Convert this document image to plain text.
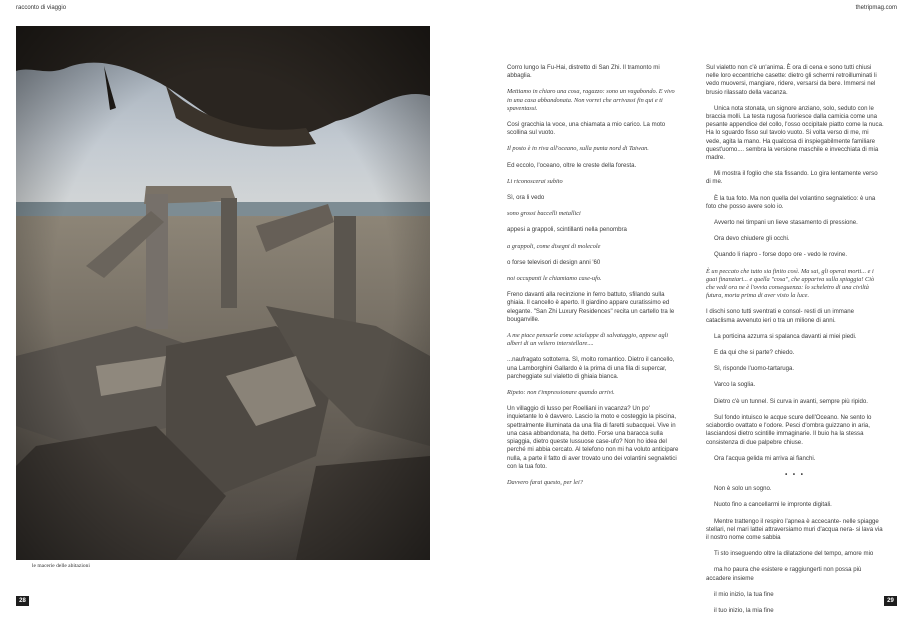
racconto di viaggio	thetripmag.com
le macerie delle abitazioni
28	29

Corro lungo la Fu-Hai, distretto di San Zhi. Il tramonto mi abbaglia.

Mettiamo in chiaro una cosa, ragazzo: sono un vagabondo. E vivo in una casa abbandonata. Non vorrei che arrivassi fin qui e ti spaventassi.

Così gracchia la voce, una chiamata a mio carico. La moto scollina sul vuoto.

Il posto è in riva all'oceano, sulla punta nord di Taiwan.

Ed eccolo, l'oceano, oltre le creste della foresta.

Li riconoscerai subito

Sì, ora li vedo

sono grossi baccelli metallici

appesi a grappoli, scintillanti nella penombra

a grappoli, come disegni di molecole

o forse televisori di design anni '60

noi occupanti le chiamiamo case-ufo.

Freno davanti alla recinzione in ferro battuto, sfilando sulla ghiaia. Il cancello è aperto. Il giardino appare curatissimo ed elegante. "San Zhi Luxury Residences" recita un cartello tra le bouganville.

A me piace pensarle come scialuppe di salvataggio, appese agli alberi di un veliero interstellare....

...naufragato sottoterra. Sì, molto romantico. Dietro il cancello, una Lamborghini Gallardo è la prima di una fila di supercar, parcheggiate sul vialetto di ghiaia bianca.

Ripeto: non t'impressionare quando arrivi.

Un villaggio di lusso per Roelliani in vacanza? Un po' inquietante lo è davvero. Lascio la moto e costeggio la piscina, spettralmente illuminata da una fila di faretti subacquei. Vive in una casa abbandonata, ha detto. Forse una baracca sulla spiaggia, dietro queste lussuose case-ufo? Non ho idea del perché mi abbia cercato. Al telefono non mi ha voluto anticipare nulla, a parte il fatto di aver trovato uno dei volantini segnaletici con la tua foto.

Davvero farai questo, per lei?

Sul vialetto non c'è un'anima. È ora di cena e sono tutti chiusi nelle loro eccentriche casette: dietro gli schermi retroilluminati li vedo muoversi, mangiare, ridere, versarsi da bere. Immersi nel brusio rilassato della vacanza.

Unica nota stonata, un signore anziano, solo, seduto con le braccia molli. La testa rugosa fuoriesce dalla camicia come una pesante appendice del collo, l'osso occipitale piatto come la nuca. Ha lo sguardo fisso sul tavolo vuoto. Si volta verso di me, mi vede, agita la mano. Ha qualcosa di inspiegabilmente familiare quest'uomo.... sembra la versione maschile e invecchiata di mia madre.

Mi mostra il foglio che sta fissando. Lo gira lentamente verso di me.

È la tua foto. Ma non quella del volantino segnaletico: è una foto che posso avere solo io.

Avverto nei timpani un lieve stasamento di pressione.

Ora devo chiudere gli occhi.

Quando li riapro - forse dopo ore - vedo le rovine.

È un peccato che tutto sia finito così. Ma sai, gli operai morti... e i guai finanziari... e quella "cosa", che appariva sulla spiaggia! Ciò che vedi ora ne è l'ovvia conseguenza: lo scheletro di una civiltà futura, morta prima di aver visto la luce.

I dischi sono tutti sventrati e consol- resti di un immane cataclisma avvenuto ieri o tra un milione di anni.

La porticina azzurra si spalanca davanti ai miei piedi.

E da qui che si parte? chiedo.

Sì, risponde l'uomo-tartaruga.

Varco la soglia.

Dietro c'è un tunnel. Si curva in avanti, sempre più ripido.

Sul fondo intuisco le acque scure dell'Oceano. Ne sento lo sciabordio ovattato e l'odore. Pesci d'ombra guizzano in aria, lasciandosi dietro scintille immaginarie. Il buio ha la stessa consistenza di due palpebre chiuse.

Ora l'acqua gelida mi arriva ai fianchi.

• • •

Non è solo un sogno.

Nuoto fino a cancellarmi le impronte digitali.

Mentre trattengo il respiro l'apnea è accecante- nelle spiagge stellari, nel mari lattei attraversiamo muri d'acqua nera- si lava via il nostro nome come sabbia

Ti sto inseguendo oltre la dilatazione del tempo, amore mio

ma ho paura che esistere e raggiungerti non possa più accadere insieme

il mio inizio, la tua fine

il tuo inizio, la mia fine
